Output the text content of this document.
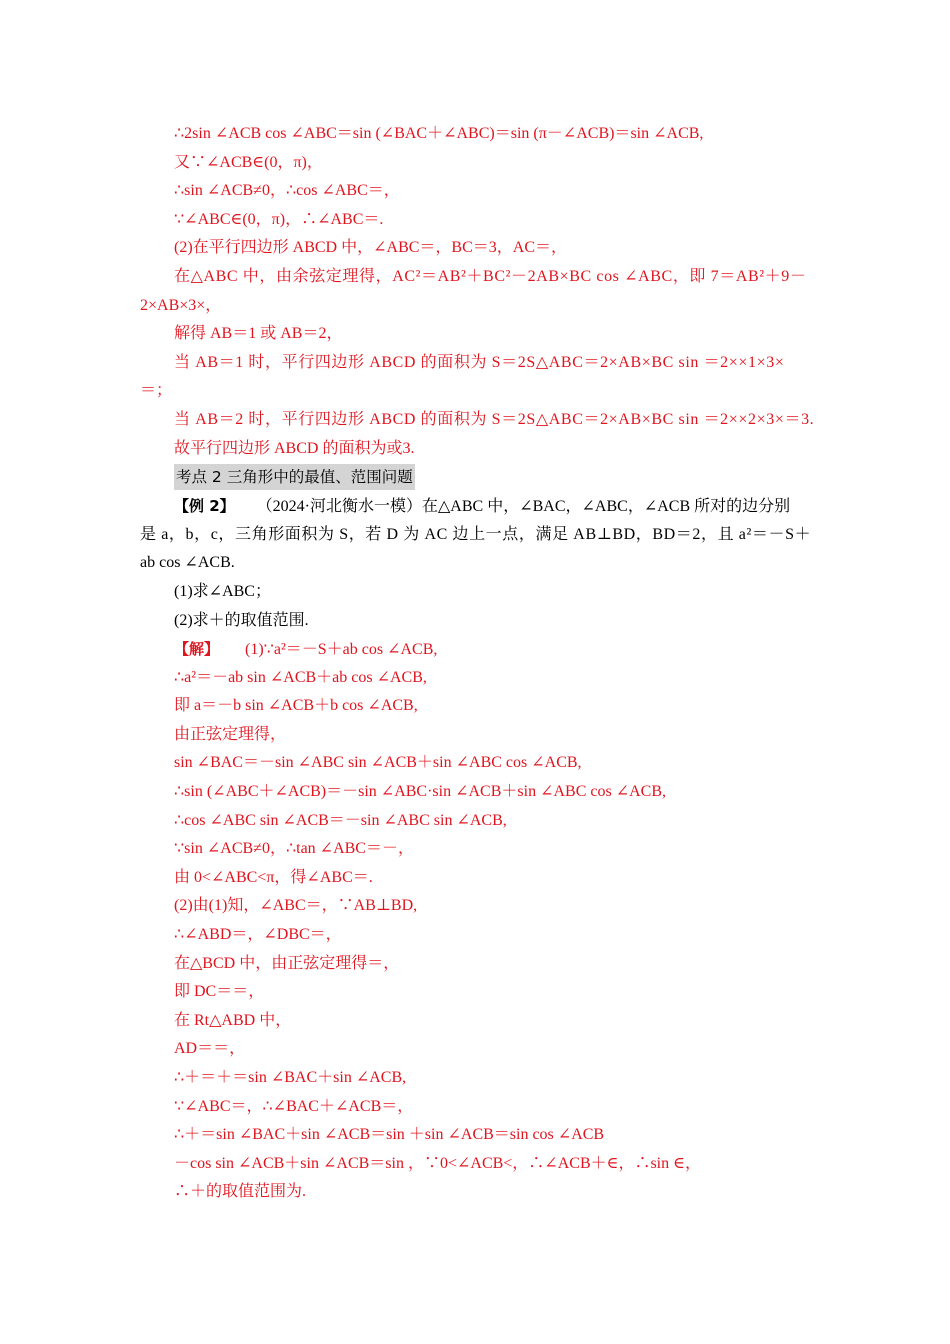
∴2sin ∠ACB cos ∠ABC＝sin (∠BAC＋∠ABC)＝sin (π－∠ACB)＝sin ∠ACB,
又∵∠ACB∈(0，π)，
∴sin ∠ACB≠0，∴cos ∠ABC＝，
∵∠ABC∈(0，π)，∴∠ABC＝.
(2)在平行四边形 ABCD 中，∠ABC＝，BC＝3，AC＝，
在△ABC 中，由余弦定理得，AC²＝AB²＋BC²－2AB×BC cos ∠ABC，即 7＝AB²＋9－
2×AB×3×，
解得 AB＝1 或 AB＝2，
当 AB＝1 时，平行四边形 ABCD 的面积为 S＝2S△ABC＝2×AB×BC sin ＝2××1×3×
＝；
当 AB＝2 时，平行四边形 ABCD 的面积为 S＝2S△ABC＝2×AB×BC sin ＝2××2×3×＝3.
故平行四边形 ABCD 的面积为或3.
考点 2 三角形中的最值、范围问题
【例 2】 （2024·河北衡水一模）在△ABC 中，∠BAC，∠ABC，∠ACB 所对的边分别
是 a，b，c，三角形面积为 S，若 D 为 AC 边上一点，满足 AB⊥BD，BD＝2，且 a²＝－S＋
ab cos ∠ACB.
(1)求∠ABC；
(2)求＋的取值范围.
【解】 (1)∵a²＝－S＋ab cos ∠ACB,
∴a²＝－ab sin ∠ACB＋ab cos ∠ACB,
即 a＝－b sin ∠ACB＋b cos ∠ACB,
由正弦定理得，
sin ∠BAC＝－sin ∠ABC sin ∠ACB＋sin ∠ABC cos ∠ACB,
∴sin (∠ABC＋∠ACB)＝－sin ∠ABC·sin ∠ACB＋sin ∠ABC cos ∠ACB,
∴cos ∠ABC sin ∠ACB＝－sin ∠ABC sin ∠ACB,
∵sin ∠ACB≠0，∴tan ∠ABC＝－，
由 0<∠ABC<π，得∠ABC＝.
(2)由(1)知，∠ABC＝，∵AB⊥BD,
∴∠ABD＝，∠DBC＝，
在△BCD 中，由正弦定理得＝，
即 DC＝＝，
在 Rt△ABD 中，
AD＝＝，
∴＋＝＋＝sin ∠BAC＋sin ∠ACB,
∵∠ABC＝，∴∠BAC＋∠ACB＝，
∴＋＝sin ∠BAC＋sin ∠ACB＝sin ＋sin ∠ACB＝sin cos ∠ACB
－cos sin ∠ACB＋sin ∠ACB＝sin ，∵0<∠ACB<，∴∠ACB＋∈，∴sin ∈，
∴＋的取值范围为.
